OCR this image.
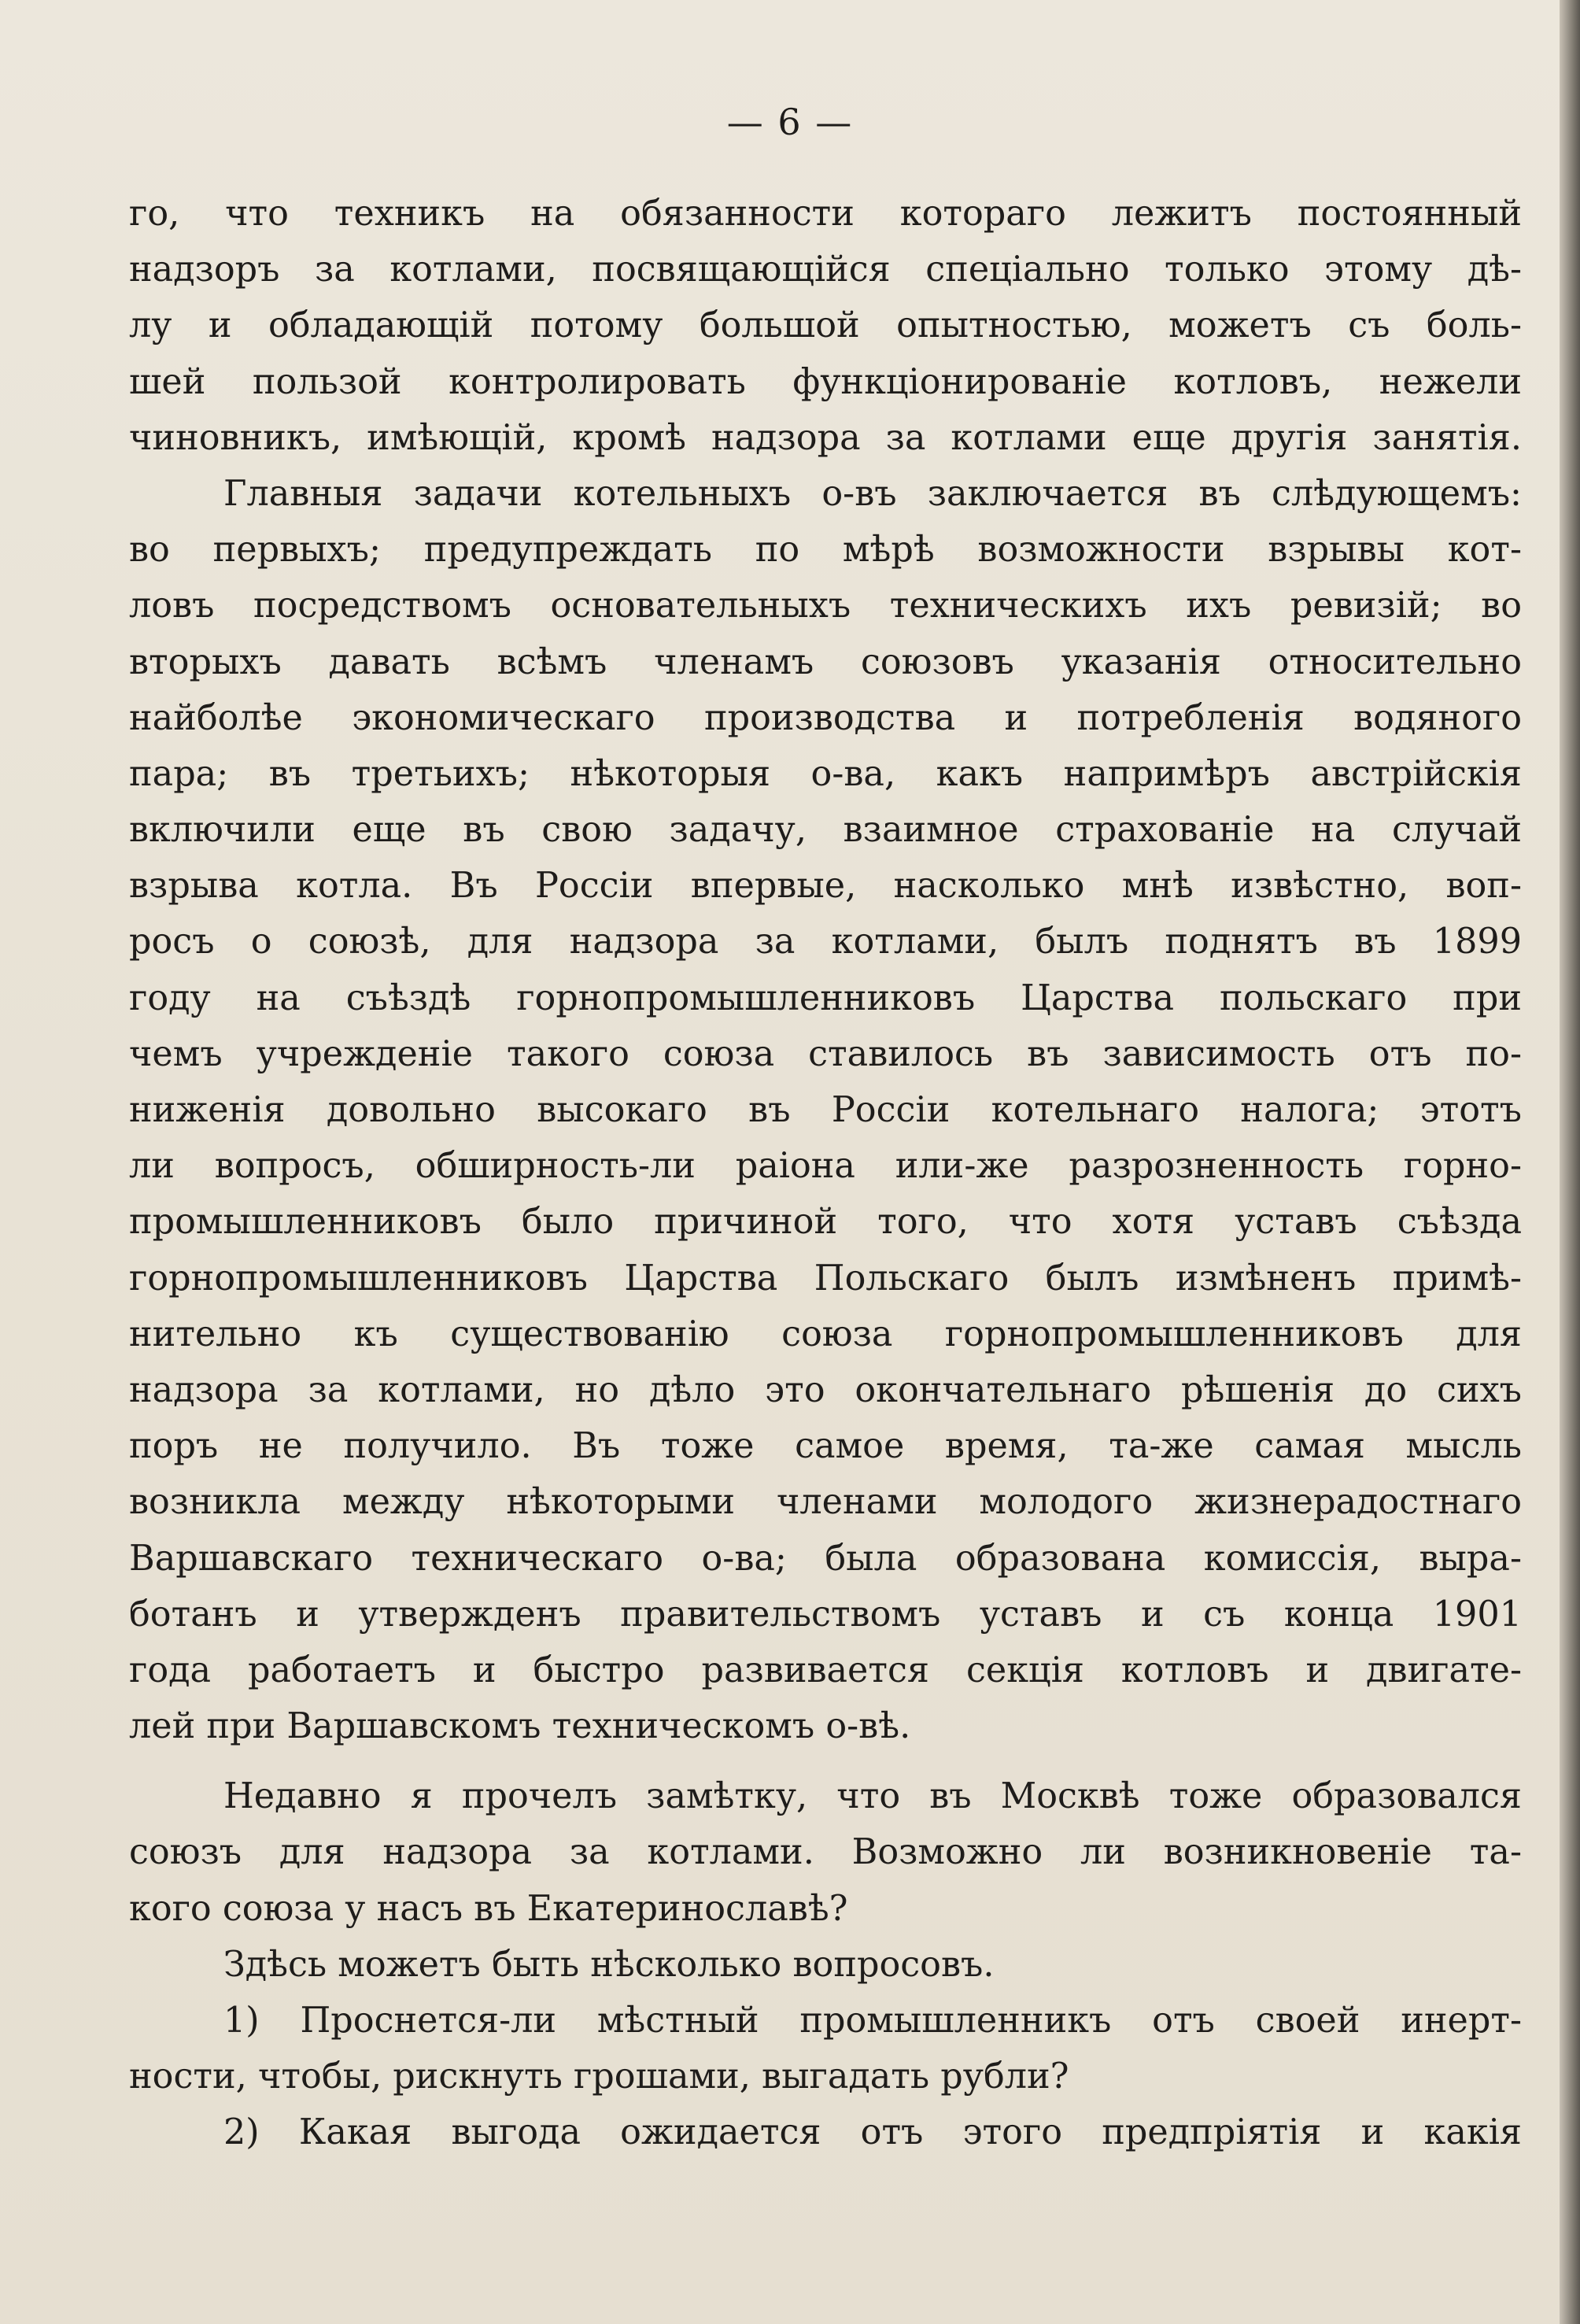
— 6 —
го, что техникъ на обязанности котораго лежитъ постоянный
надзоръ за котлами, посвящающійся спеціально только этому дѣ-
лу и обладающій потому большой опытностью, можетъ съ боль-
шей пользой контролировать функціонированіе котловъ, нежели
чиновникъ, имѣющій, кромѣ надзора за котлами еще другія занятія.
Главныя задачи котельныхъ о-въ заключается въ слѣдующемъ:
во первыхъ; предупреждать по мѣрѣ возможности взрывы кот-
ловъ посредствомъ основательныхъ техническихъ ихъ ревизій; во
вторыхъ давать всѣмъ членамъ союзовъ указанія относительно
найболѣе экономическаго производства и потребленія водяного
пара; въ третьихъ; нѣкоторыя о-ва, какъ напримѣръ австрійскія
включили еще въ свою задачу, взаимное страхованіе на случай
взрыва котла. Въ Россіи впервые, насколько мнѣ извѣстно, воп-
росъ о союзѣ, для надзора за котлами, былъ поднятъ въ 1899
году на съѣздѣ горнопромышленниковъ Царства польскаго при
чемъ учрежденіе такого союза ставилось въ зависимость отъ по-
ниженія довольно высокаго въ Россіи котельнаго налога; этотъ
ли вопросъ, обширность-ли раіона или-же разрозненность горно-
промышленниковъ было причиной того, что хотя уставъ съѣзда
горнопромышленниковъ Царства Польскаго былъ измѣненъ примѣ-
нительно къ существованію союза горнопромышленниковъ для
надзора за котлами, но дѣло это окончательнаго рѣшенія до сихъ
поръ не получило. Въ тоже самое время, та-же самая мысль
возникла между нѣкоторыми членами молодого жизнерадостнаго
Варшавскаго техническаго о-ва; была образована комиссія, выра-
ботанъ и утвержденъ правительствомъ уставъ и съ конца 1901
года работаетъ и быстро развивается секція котловъ и двигате-
лей при Варшавскомъ техническомъ о-вѣ.
Недавно я прочелъ замѣтку, что въ Москвѣ тоже образовался
союзъ для надзора за котлами. Возможно ли возникновеніе та-
кого союза у насъ въ Екатеринославѣ?
Здѣсь можетъ быть нѣсколько вопросовъ.
1) Проснется-ли мѣстный промышленникъ отъ своей инерт-
ности, чтобы, рискнуть грошами, выгадать рубли?
2) Какая выгода ожидается отъ этого предпріятія и какія
